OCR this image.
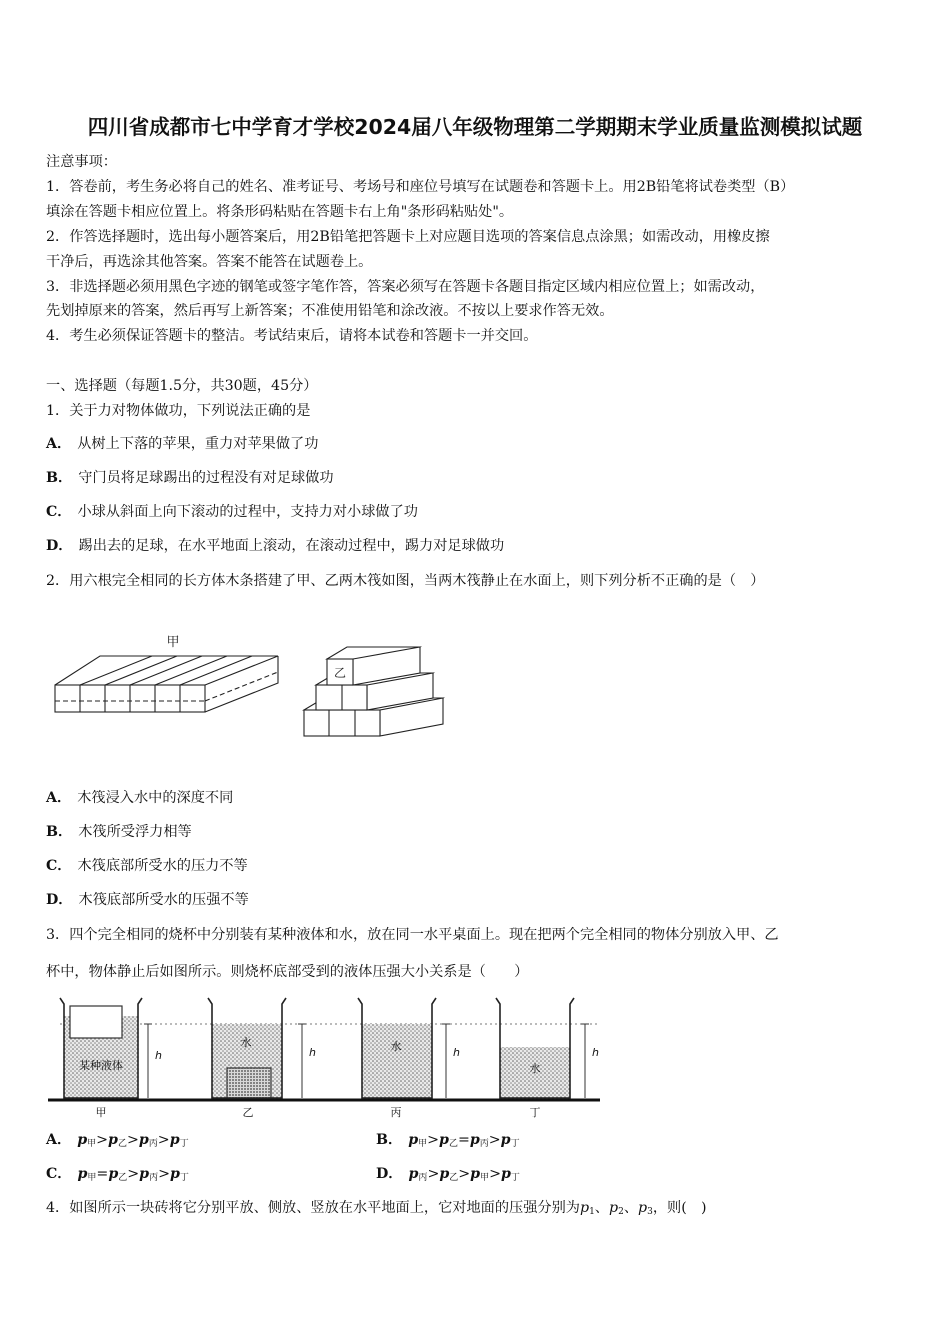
四川省成都市七中学育才学校2024届八年级物理第二学期期末学业质量监测模拟试题
注意事项：
1．答卷前，考生务必将自己的姓名、准考证号、考场号和座位号填写在试题卷和答题卡上。用2B铅笔将试卷类型（B）
填涂在答题卡相应位置上。将条形码粘贴在答题卡右上角"条形码粘贴处"。
2．作答选择题时，选出每小题答案后，用2B铅笔把答题卡上对应题目选项的答案信息点涂黑；如需改动，用橡皮擦
干净后，再选涂其他答案。答案不能答在试题卷上。
3．非选择题必须用黑色字迹的钢笔或签字笔作答，答案必须写在答题卡各题目指定区域内相应位置上；如需改动，
先划掉原来的答案，然后再写上新答案；不准使用铅笔和涂改液。不按以上要求作答无效。
4．考生必须保证答题卡的整洁。考试结束后，请将本试卷和答题卡一并交回。
一、选择题（每题1.5分，共30题，45分）
1．关于力对物体做功，下列说法正确的是
A． 从树上下落的苹果，重力对苹果做了功
B． 守门员将足球踢出的过程没有对足球做功
C． 小球从斜面上向下滚动的过程中，支持力对小球做了功
D． 踢出去的足球，在水平地面上滚动，在滚动过程中，踢力对足球做功
2．用六根完全相同的长方体木条搭建了甲、乙两木筏如图，当两木筏静止在水面上，则下列分析不正确的是（　）
甲
乙
A． 木筏浸入水中的深度不同
B． 木筏所受浮力相等
C． 木筏底部所受水的压力不等
D． 木筏底部所受水的压强不等
3．四个完全相同的烧杯中分别装有某种液体和水，放在同一水平桌面上。现在把两个完全相同的物体分别放入甲、乙
杯中，物体静止后如图所示。则烧杯底部受到的液体压强大小关系是（　　）
某种液体
h
甲
水
h
乙
水	h
丙
水
h
丁
A． $p_甲>p_乙>p_丙>p_丁$	B． $p_甲>p_乙=p_丙>p_丁$
C． $p_甲=p_乙>p_丙>p_丁$	D． $p_丙>p_乙>p_甲>p_丁$
4．如图所示一块砖将它分别平放、侧放、竖放在水平地面上，它对地面的压强分别为$p_1$、$p_2$、$p_3$，则(　)
